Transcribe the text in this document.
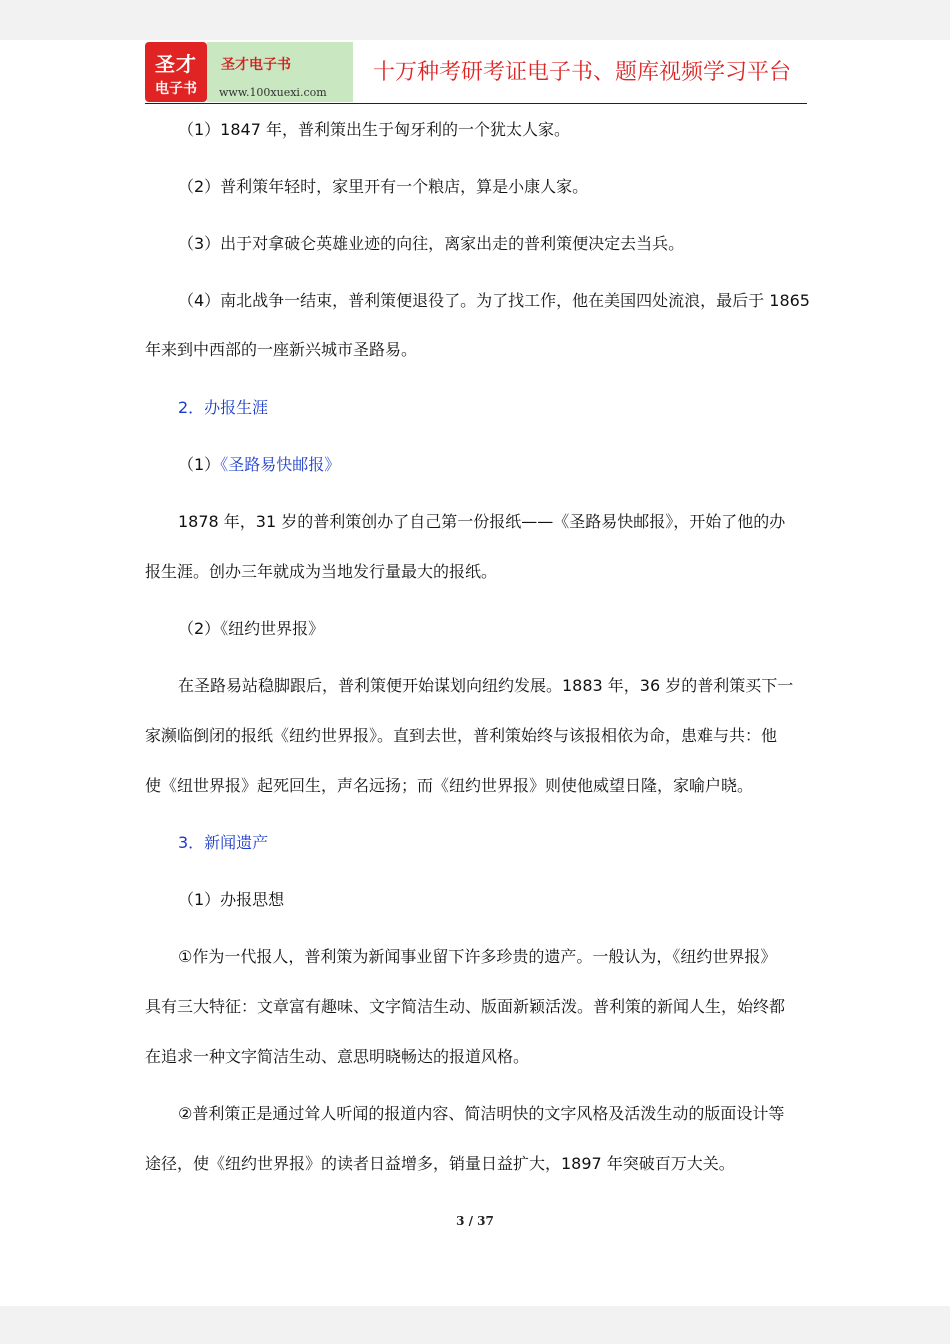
圣才
电子书
圣才电子书
www.100xuexi.com
十万种考研考证电子书、题库视频学习平台
（1）1847 年，普利策出生于匈牙利的一个犹太人家。
（2）普利策年轻时，家里开有一个粮店，算是小康人家。
（3）出于对拿破仑英雄业迹的向往，离家出走的普利策便决定去当兵。
（4）南北战争一结束，普利策便退役了。为了找工作，他在美国四处流浪，最后于 1865
年来到中西部的一座新兴城市圣路易。
2．办报生涯
（1）《圣路易快邮报》
1878 年，31 岁的普利策创办了自己第一份报纸——《圣路易快邮报》，开始了他的办
报生涯。创办三年就成为当地发行量最大的报纸。
（2）《纽约世界报》
在圣路易站稳脚跟后，普利策便开始谋划向纽约发展。1883 年，36 岁的普利策买下一
家濒临倒闭的报纸《纽约世界报》。直到去世，普利策始终与该报相依为命，患难与共：他
使《纽世界报》起死回生，声名远扬；而《纽约世界报》则使他威望日隆，家喻户晓。
3．新闻遗产
（1）办报思想
①作为一代报人，普利策为新闻事业留下许多珍贵的遗产。一般认为，《纽约世界报》
具有三大特征：文章富有趣味、文字简洁生动、版面新颖活泼。普利策的新闻人生，始终都
在追求一种文字简洁生动、意思明晓畅达的报道风格。
②普利策正是通过耸人听闻的报道内容、简洁明快的文字风格及活泼生动的版面设计等
途径，使《纽约世界报》的读者日益增多，销量日益扩大，1897 年突破百万大关。
3 / 37
